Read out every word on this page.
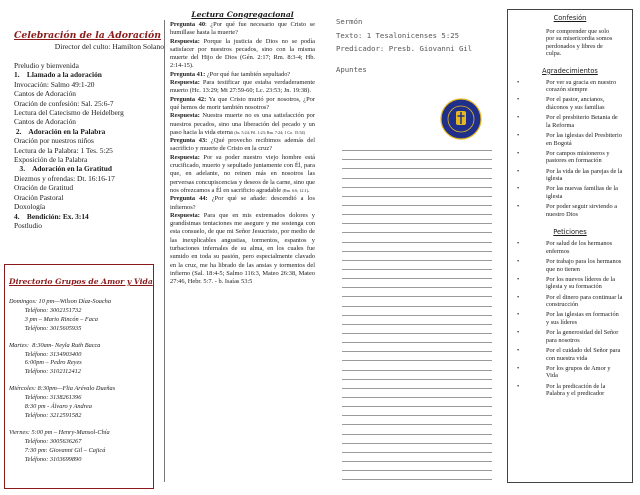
Celebración de la Adoración
Director del culto: Hamilton Solano
Preludio y bienvenida
1.    Llamado a la adoración
Invocación: Salmo 49:1-20
Cantos de Adoración
Oración de confesión: Sal. 25:6-7
Lectura del Catecismo de Heidelberg
Cantos de Adoración
2.    Adoración en la Palabra
Oración por nuestros niños
Lectura de la Palabra: 1 Tes. 5:25
Exposición de la Palabra
3.    Adoración en la Gratitud
Diezmos y ofrendas: Dt. 16:16-17
Oración de Gratitud
Oración Pastoral
Doxología
4.    Bendición: Ex. 3:14
Postludio
Directorio Grupos de Amor y Vida
Domingos: 10 pm—Wilson Díaz-Soacha
Teléfono: 3002151732
3 pm – Mario Rincón – Faca
Teléfono: 3015605935
Martes:  8:30am- Neyla Ruth Bacca
Teléfono: 3134903400
6:00pm – Pedro Reyes
Teléfono: 3102112412
Miércoles: 8:30pm—Flia Arévalo Dueñas
Teléfono: 3138261396
8:30 pm - Álvaro y Andrea
Teléfono: 3212591582
Viernes: 5:00 pm – Henry-Mansol-Chía
Teléfono: 3005636267
7:30 pm: Giovanni Gil – Cajicá
Teléfono: 3103699890
Lectura Congregacional
Pregunta 40: ¿Por qué fue necesario que Cristo se humillase hasta la muerte?
Respuesta: Porque la justicia de Dios no se podía satisfacer por nuestros pecados, sino con la misma muerte del Hijo de Dios (Gén. 2:17; Rm. 8:3-4; Hb. 2:14-15).
Pregunta 41: ¿Por qué fue también sepultado?
Respuesta: Para testificar que estaba verdaderamente muerto (Hc. 13:29; Mt 27:59-60; Lc. 23:53; Jn. 19:38).
Pregunta 42: Ya que Cristo murió por nosotros, ¿Por qué hemos de morir también nosotros?
Respuesta: Nuestra muerte no es una satisfacción por nuestros pecados, sino una liberación del pecado y un paso hacia la vida eterna (Jn. 5:24; Fil. 1:23; Rm. 7:24; 1 Co. 15:54)
Pregunta 43: ¿Qué provecho recibimos además del sacrificio y muerte de Cristo en la cruz?
Respuesta: Por su poder nuestro viejo hombre está crucificado, muerto y sepultado juntamente con Él, para que, en adelante, no reinen más en nosotros las perversas concupiscencias y deseos de la carne, sino que nos ofrezcamos a Él en sacrificio agradable (Rm. 6:6; 12:1).
Pregunta 44: ¿Por qué se añade: descendió a los infiernos?
Respuesta: Para que en mis extremados dolores y grandísimas tentaciones me asegure y me sostenga con esta consuelo, de que mi Señor Jesucristo, por medio de las inexplicables angustias, tormentos, espantos y turbaciones infernales de su alma, en los cuales fue sumido en toda su pasión, pero especialmente clavado en la cruz, me ha librado de las ansias y tormentos del infierno (Sal. 18:4-5; Salmo 116:3, Mateo 26:38, Mateo 27:46, Hebr. 5:7. - b. Isaías 53:5
Sermón
Texto: 1 Tesalonicenses 5:25
Predicador: Presb. Giovanni Gil
Apuntes
Confesión
Por comprender que solo por su misericordia somos perdonados y libres de culpa.
Agradecimientos
• Por ver su gracia en nuestro corazón siempre
• Por el pastor, ancianos, diáconos y sus familias
• Por el presbiterio Betania de la Reforma
• Por las iglesias del Presbiterio en Bogotá
• Por campos misioneros y pastores en formación
• Por la vida de las parejas de la iglesia
• Por las nuevas familias de la iglesia
• Por poder seguir sirviendo a nuestro Dios
Peticiones
• Por salud de los hermanos enfermos
• Por trabajo para los hermanos que no tienen
• Por los nuevos líderes de la iglesia y su formación
• Por el dinero para continuar la construcción
• Por las iglesias en formación y sus líderes
• Por la generosidad del Señor para nosotros
• Por el cuidado del Señor para con nuestra vida
• Por los grupos de Amor y Vida
• Por la predicación de la Palabra y el predicador
